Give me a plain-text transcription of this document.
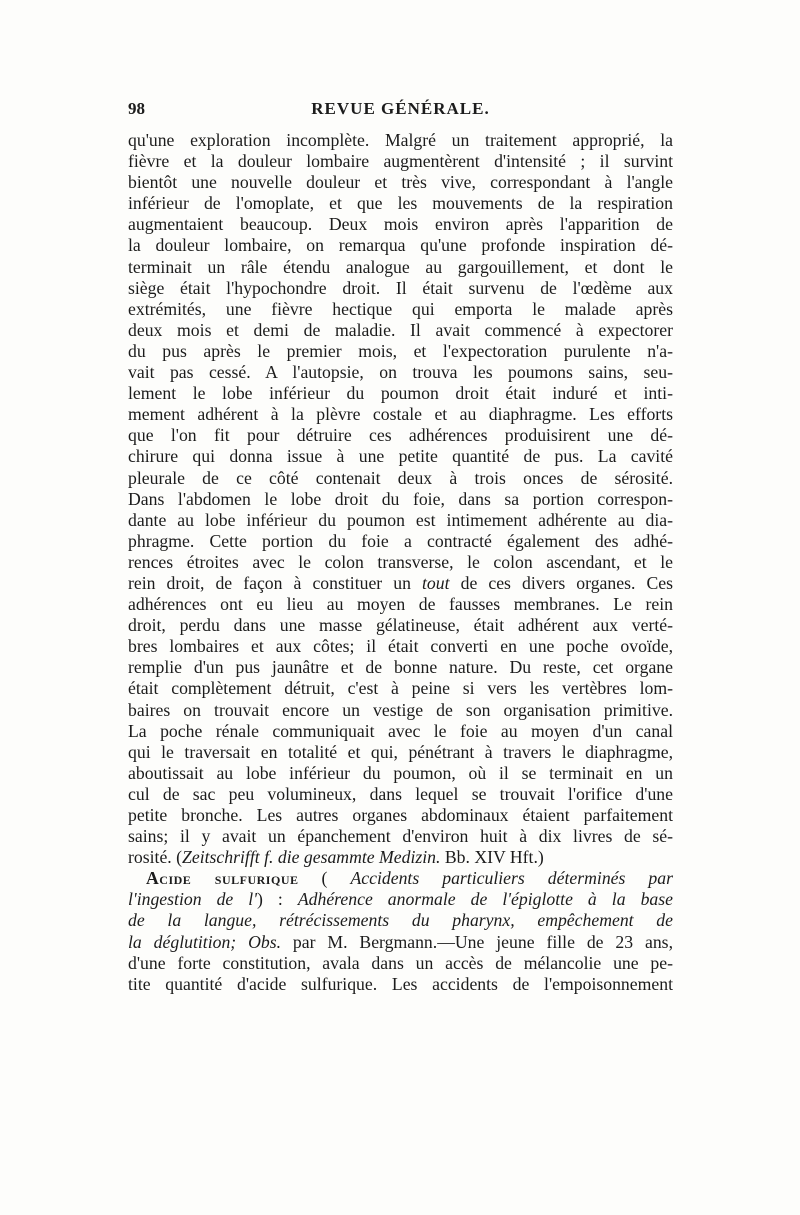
98	REVUE GÉNÉRALE.
qu'une exploration incomplète. Malgré un traitement approprié, la
fièvre et la douleur lombaire augmentèrent d'intensité ; il survint
bientôt une nouvelle douleur et très vive, correspondant à l'angle
inférieur de l'omoplate, et que les mouvements de la respiration
augmentaient beaucoup. Deux mois environ après l'apparition de
la douleur lombaire, on remarqua qu'une profonde inspiration dé-
terminait un râle étendu analogue au gargouillement, et dont le
siège était l'hypochondre droit. Il était survenu de l'œdème aux
extrémités, une fièvre hectique qui emporta le malade après
deux mois et demi de maladie. Il avait commencé à expectorer
du pus après le premier mois, et l'expectoration purulente n'a-
vait pas cessé. A l'autopsie, on trouva les poumons sains, seu-
lement le lobe inférieur du poumon droit était induré et inti-
mement adhérent à la plèvre costale et au diaphragme. Les efforts
que l'on fit pour détruire ces adhérences produisirent une dé-
chirure qui donna issue à une petite quantité de pus. La cavité
pleurale de ce côté contenait deux à trois onces de sérosité.
Dans l'abdomen le lobe droit du foie, dans sa portion correspon-
dante au lobe inférieur du poumon est intimement adhérente au dia-
phragme. Cette portion du foie a contracté également des adhé-
rences étroites avec le colon transverse, le colon ascendant, et le
rein droit, de façon à constituer un tout de ces divers organes. Ces
adhérences ont eu lieu au moyen de fausses membranes. Le rein
droit, perdu dans une masse gélatineuse, était adhérent aux verté-
bres lombaires et aux côtes; il était converti en une poche ovoïde,
remplie d'un pus jaunâtre et de bonne nature. Du reste, cet organe
était complètement détruit, c'est à peine si vers les vertèbres lom-
baires on trouvait encore un vestige de son organisation primitive.
La poche rénale communiquait avec le foie au moyen d'un canal
qui le traversait en totalité et qui, pénétrant à travers le diaphragme,
aboutissait au lobe inférieur du poumon, où il se terminait en un
cul de sac peu volumineux, dans lequel se trouvait l'orifice d'une
petite bronche. Les autres organes abdominaux étaient parfaitement
sains; il y avait un épanchement d'environ huit à dix livres de sé-
rosité. (Zeitschrifft f. die gesammte Medizin. Bb. XIV Hft.)
Acide sulfurique ( Accidents particuliers déterminés par
l'ingestion de l') : Adhérence anormale de l'épiglotte à la base
de la langue, rétrécissements du pharynx, empêchement de
la déglutition; Obs. par M. Bergmann.—Une jeune fille de 23 ans,
d'une forte constitution, avala dans un accès de mélancolie une pe-
tite quantité d'acide sulfurique. Les accidents de l'empoisonnement
